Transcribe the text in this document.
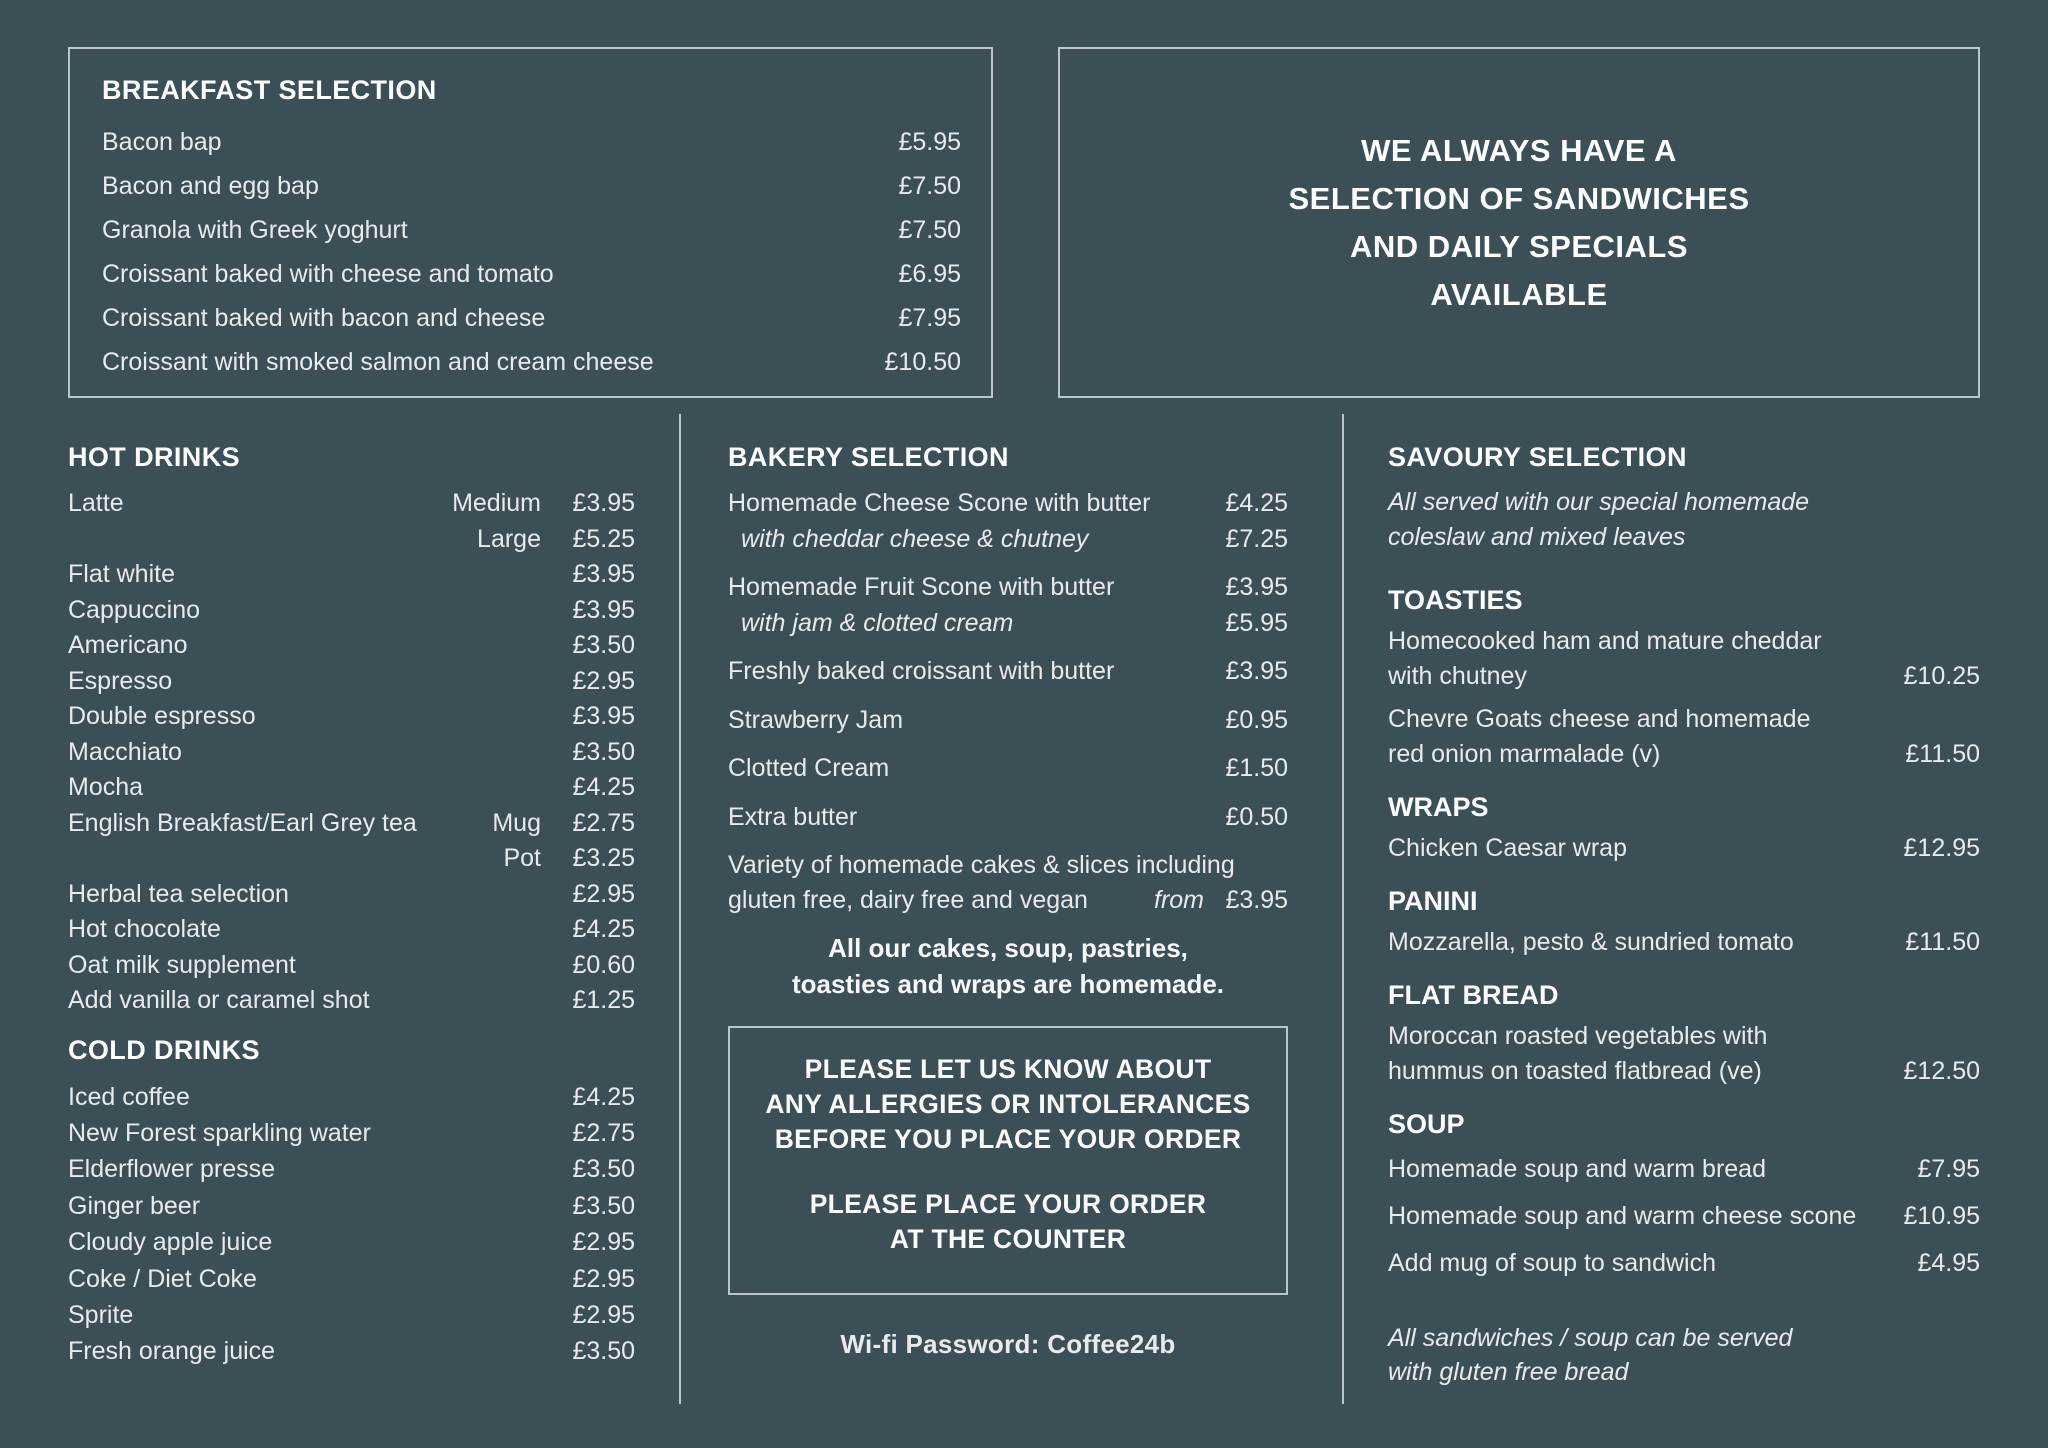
BREAKFAST SELECTION
Bacon bap	£5.95
Bacon and egg bap	£7.50
Granola with Greek yoghurt	£7.50
Croissant baked with cheese and tomato	£6.95
Croissant baked with bacon and cheese	£7.95
Croissant with smoked salmon and cream cheese	£10.50
WE ALWAYS HAVE A
SELECTION OF SANDWICHES
AND DAILY SPECIALS
AVAILABLE
HOT DRINKS
Latte	Medium	£3.95
Large	£5.25
Flat white	£3.95
Cappuccino	£3.95
Americano	£3.50
Espresso	£2.95
Double espresso	£3.95
Macchiato	£3.50
Mocha	£4.25
English Breakfast/Earl Grey tea	Mug	£2.75
Pot	£3.25
Herbal tea selection	£2.95
Hot chocolate	£4.25
Oat milk supplement	£0.60
Add vanilla or caramel shot	£1.25
COLD DRINKS
Iced coffee	£4.25
New Forest sparkling water	£2.75
Elderflower presse	£3.50
Ginger beer	£3.50
Cloudy apple juice	£2.95
Coke / Diet Coke	£2.95
Sprite	£2.95
Fresh orange juice	£3.50
BAKERY SELECTION
Homemade Cheese Scone with butter	£4.25
with cheddar cheese & chutney	£7.25
Homemade Fruit Scone with butter	£3.95
with jam & clotted cream	£5.95
Freshly baked croissant with butter	£3.95
Strawberry Jam	£0.95
Clotted Cream	£1.50
Extra butter	£0.50
Variety of homemade cakes & slices including
gluten free, dairy free and vegan	from £3.95
All our cakes, soup, pastries,
toasties and wraps are homemade.
PLEASE LET US KNOW ABOUT
ANY ALLERGIES OR INTOLERANCES
BEFORE YOU PLACE YOUR ORDER
PLEASE PLACE YOUR ORDER
AT THE COUNTER
Wi-fi Password: Coffee24b
SAVOURY SELECTION
All served with our special homemade
coleslaw and mixed leaves
TOASTIES
Homecooked ham and mature cheddar
with chutney	£10.25
Chevre Goats cheese and homemade
red onion marmalade (v)	£11.50
WRAPS
Chicken Caesar wrap	£12.95
PANINI
Mozzarella, pesto & sundried tomato	£11.50
FLAT BREAD
Moroccan roasted vegetables with
hummus on toasted flatbread (ve)	£12.50
SOUP
Homemade soup and warm bread	£7.95
Homemade soup and warm cheese scone	£10.95
Add mug of soup to sandwich	£4.95
All sandwiches / soup can be served
with gluten free bread
